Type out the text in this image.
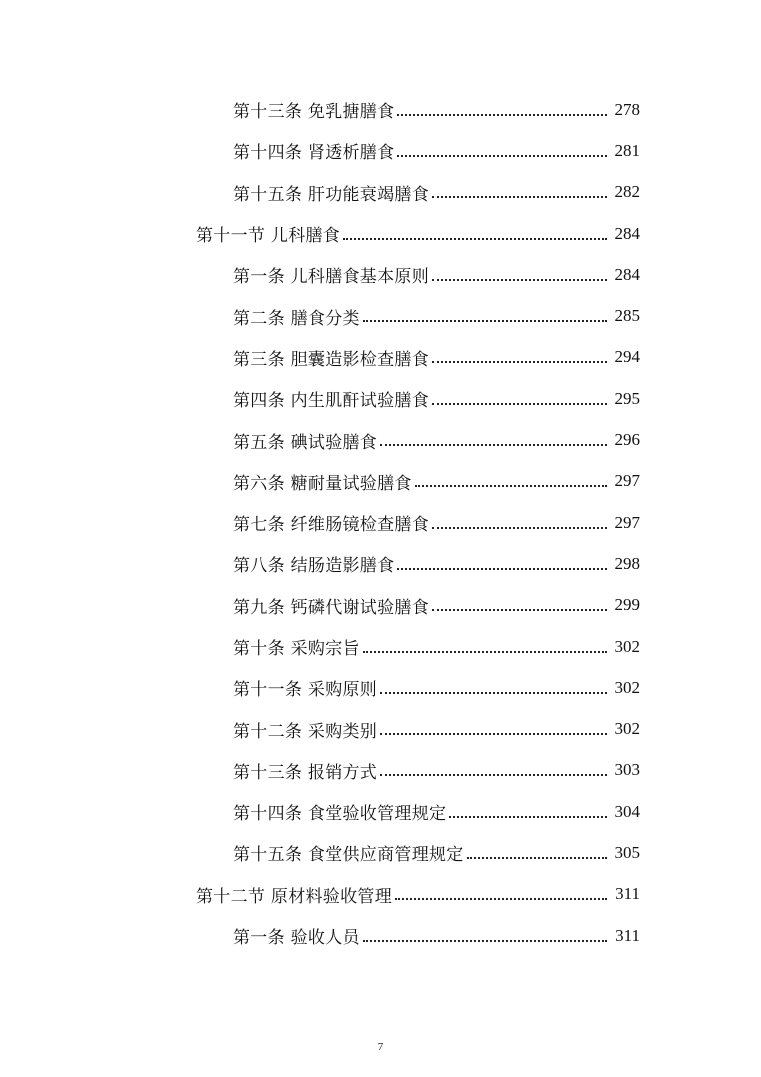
第十三条 免乳搪膳食	278
第十四条 肾透析膳食	281
第十五条 肝功能衰竭膳食	282
第十一节 儿科膳食	284
第一条 儿科膳食基本原则	284
第二条 膳食分类	285
第三条 胆囊造影检查膳食	294
第四条 内生肌酐试验膳食	295
第五条 碘试验膳食	296
第六条 糖耐量试验膳食	297
第七条 纤维肠镜检查膳食	297
第八条 结肠造影膳食	298
第九条 钙磷代谢试验膳食	299
第十条 采购宗旨	302
第十一条 采购原则	302
第十二条 采购类别	302
第十三条 报销方式	303
第十四条 食堂验收管理规定	304
第十五条 食堂供应商管理规定	305
第十二节 原材料验收管理	311
第一条 验收人员	311
7
